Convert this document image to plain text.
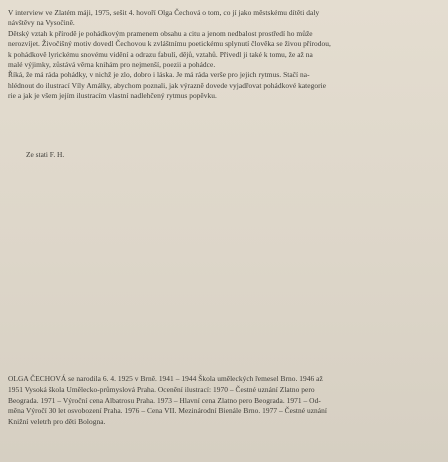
V interview ve Zlatém máji, 1975, sešit 4. hovoří Olga Čechová o tom, co jí jako městskému dítěti daly
návštěvy na Vysočině.
Dětský vztah k přírodě je pohádkovým pramenem obsahu a citu a jenom nedbalost prostředí ho může
nerozvíjet. Živočišný motiv dovedl Čechovou k zvláštnímu poetickému splynutí člověka se živou přírodou,
k pohádkově lyrickému snovému vidění a odrazu fabulí, dějů, vztahů. Přivedl ji také k tomu, že až na
malé výjimky, zůstává věrna knihám pro nejmenší, poezii a pohádce.
Říká, že má ráda pohádky, v nichž je zlo, dobro i láska. Je má ráda verše pro jejich rytmus. Stačí na-
hlédnout do ilustrací Víly Amálky, abychom poznali, jak výrazně dovede vyjadřovat pohádkové kategorie
rie a jak je všem jejím ilustracím vlastní nadlehčený rytmus popěvku.
Ze stati F. H.
OLGA ČECHOVÁ se narodila 6. 4. 1925 v Brně. 1941 – 1944 Škola uměleckých řemesel Brno. 1946 až
1951 Vysoká škola Umělecko-průmyslová Praha. Ocenění ilustrací: 1970 – Čestné uznání Zlatno pero
Beograda. 1971 – Výroční cena Albatrosu Praha. 1973 – Hlavní cena Zlatno pero Beograda. 1971 – Od-
měna Výročí 30 let osvobození Praha. 1976 – Cena VII. Mezinárodní Bienále Brno. 1977 – Čestné uznání
Knižní veletrh pro děti Bologna.
